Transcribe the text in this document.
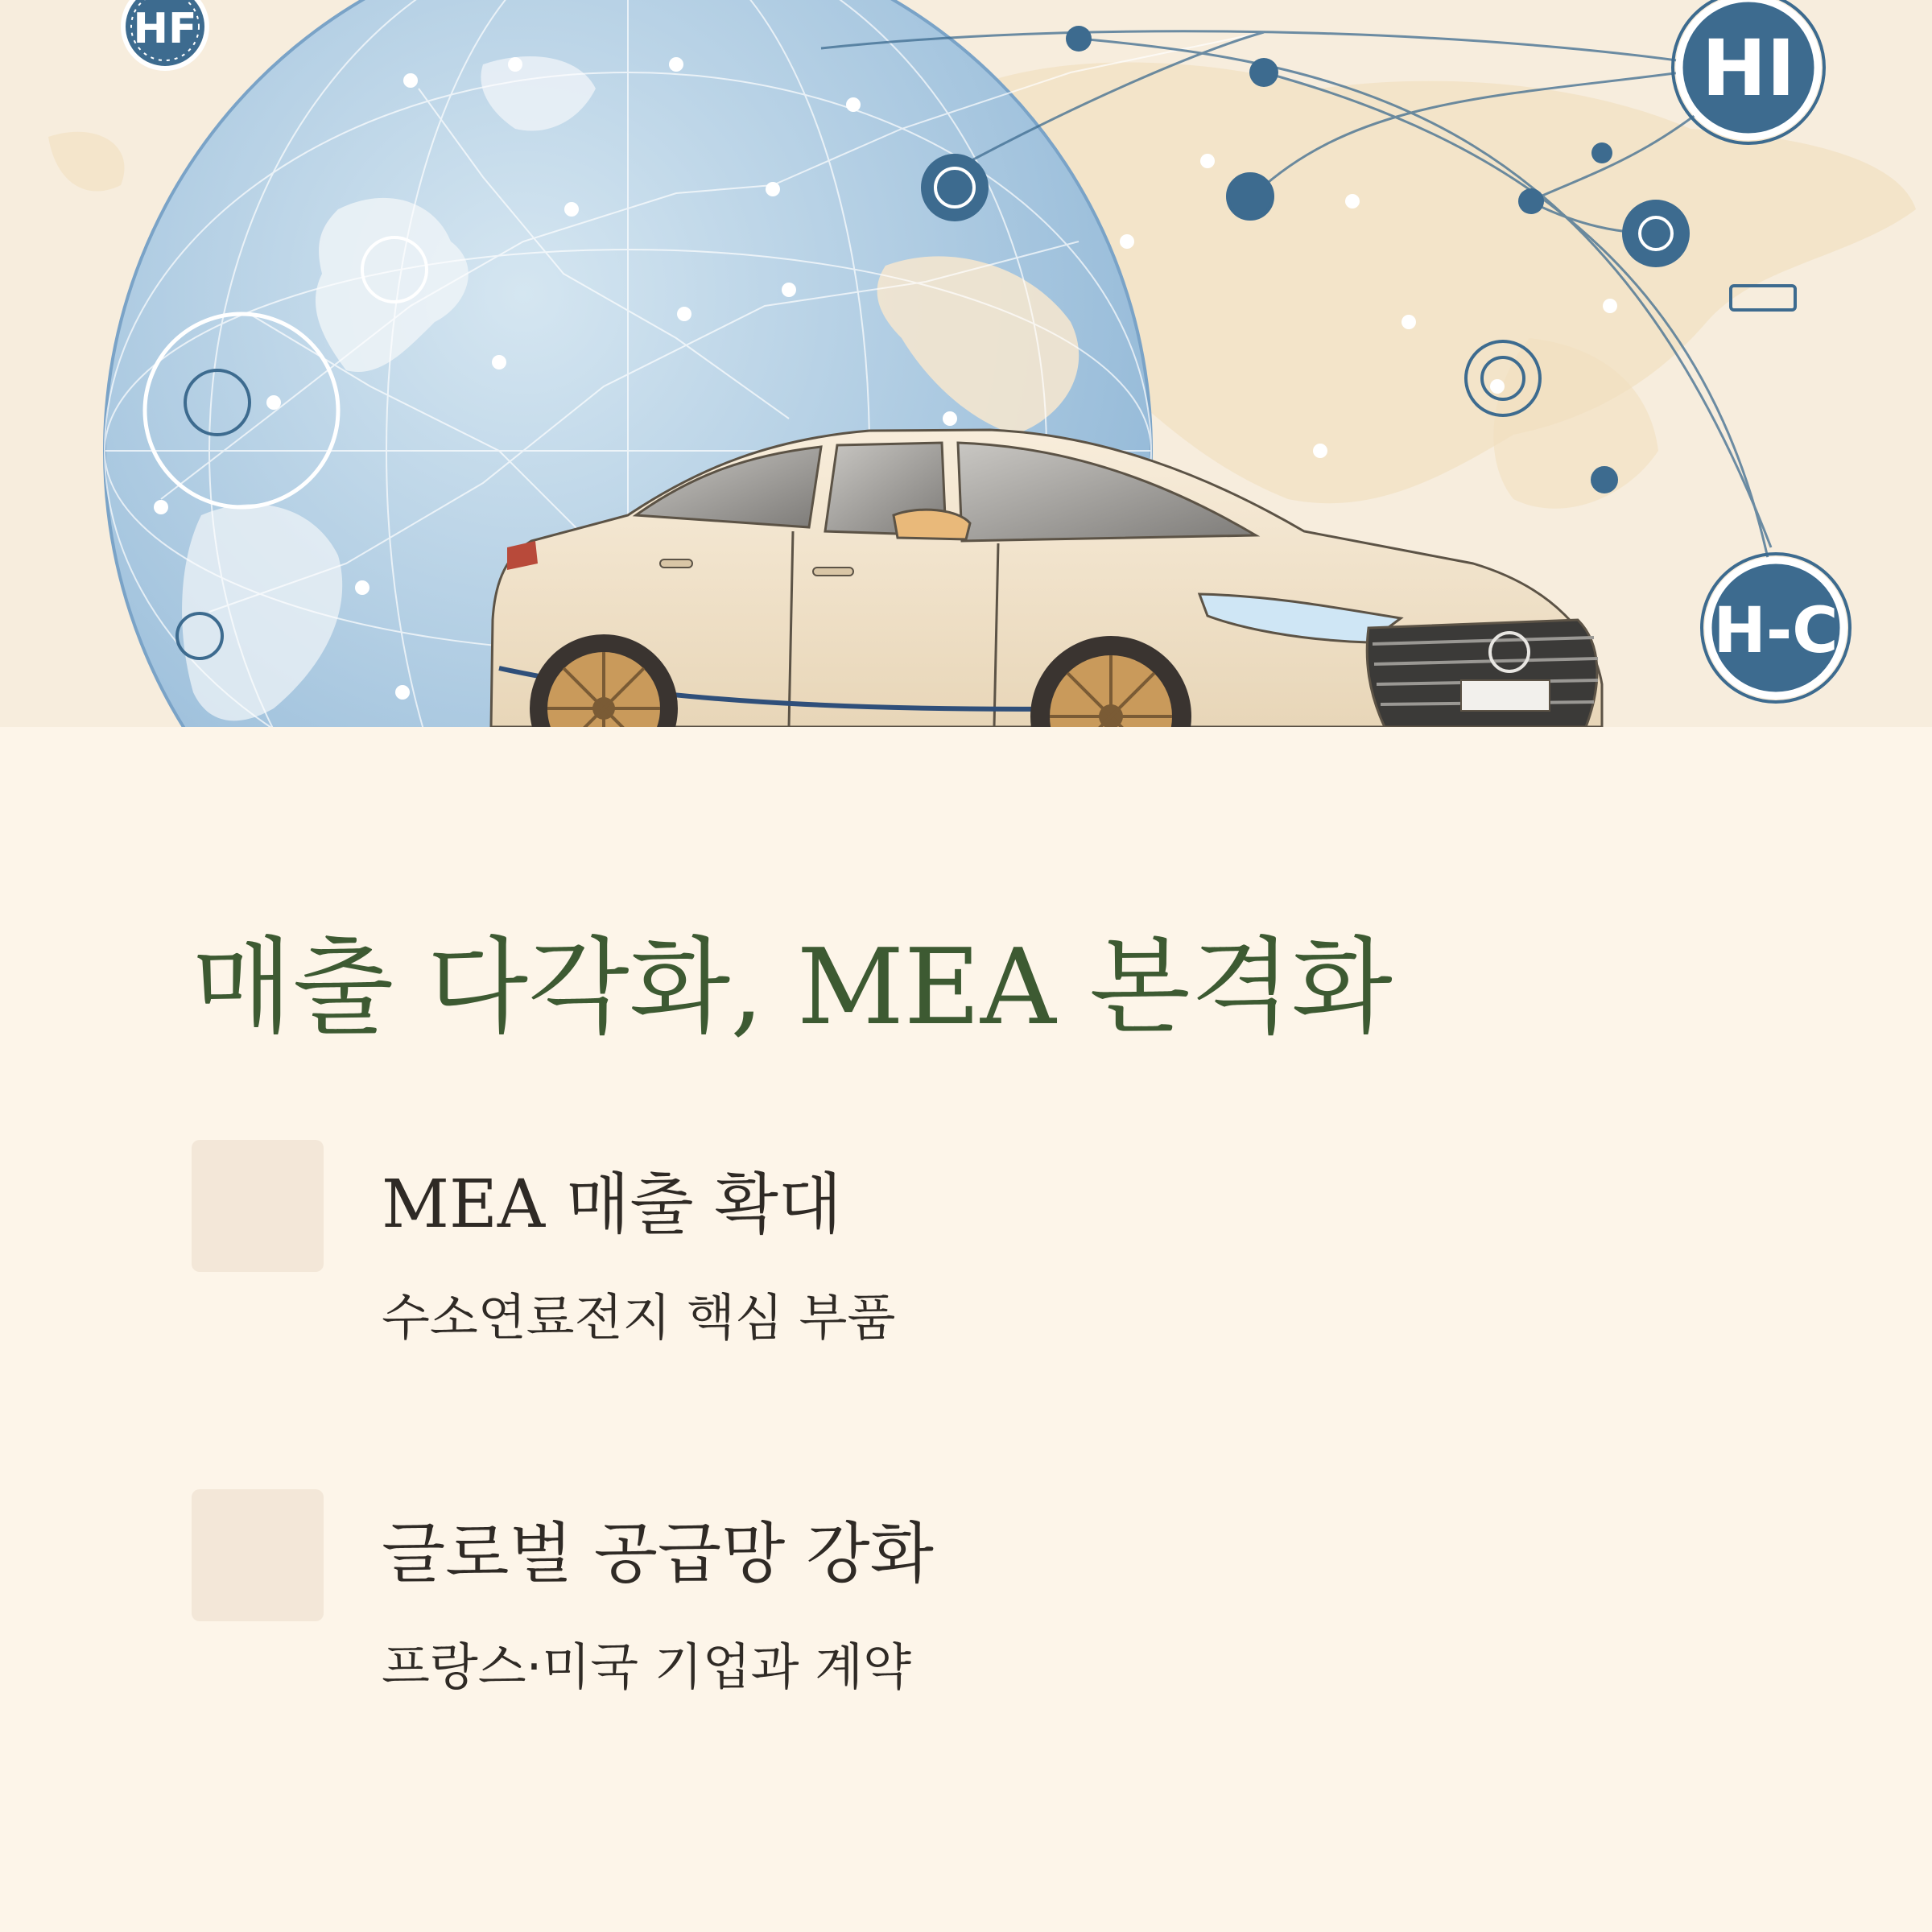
HF	HI
H-C
매출 다각화, MEA 본격화
MEA 매출 확대

수소연료전지 핵심 부품

글로벌 공급망 강화

프랑스·미국 기업과 계약
